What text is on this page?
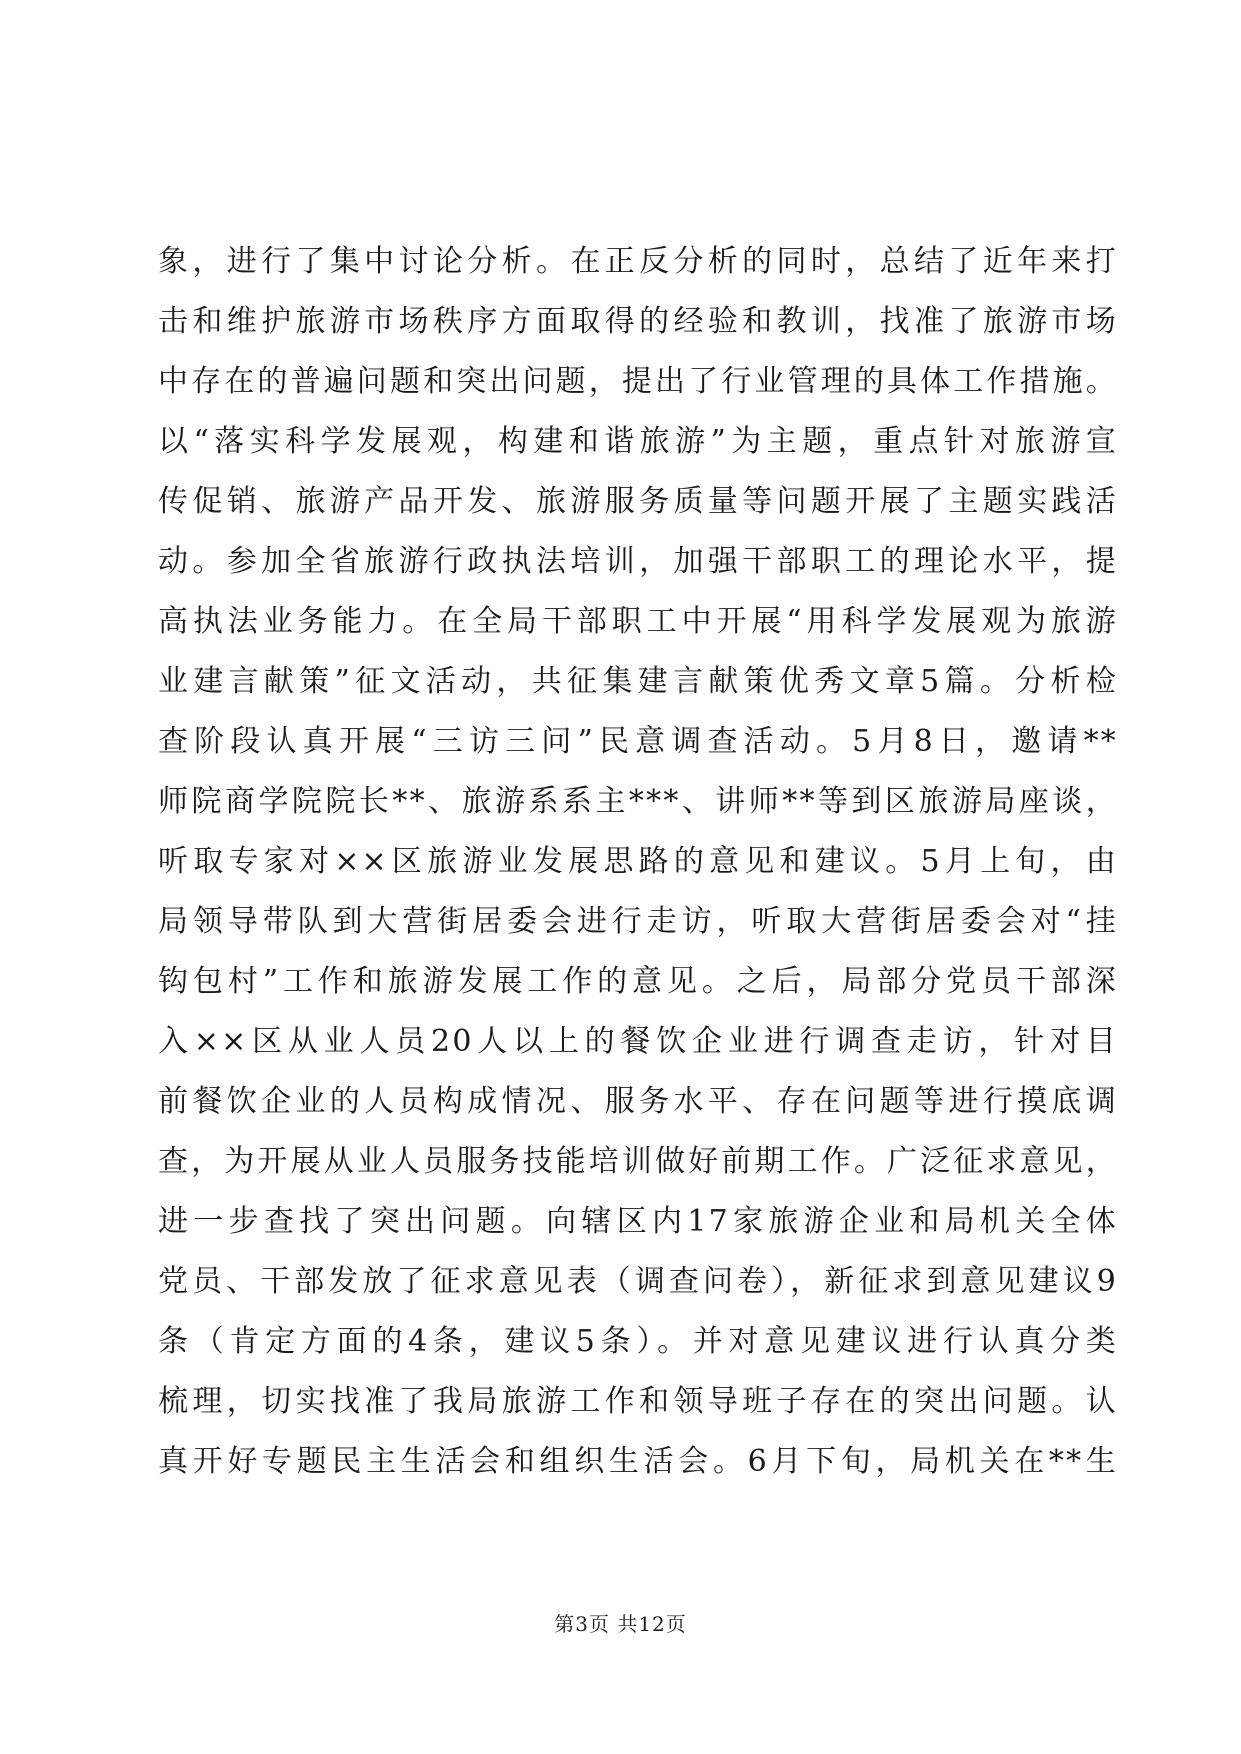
象，进行了集中讨论分析。在正反分析的同时，总结了近年来打
击和维护旅游市场秩序方面取得的经验和教训，找准了旅游市场
中存在的普遍问题和突出问题，提出了行业管理的具体工作措施。
以“落实科学发展观，构建和谐旅游”为主题，重点针对旅游宣
传促销、旅游产品开发、旅游服务质量等问题开展了主题实践活
动。参加全省旅游行政执法培训，加强干部职工的理论水平，提
高执法业务能力。在全局干部职工中开展“用科学发展观为旅游
业建言献策”征文活动，共征集建言献策优秀文章5篇。分析检
查阶段认真开展“三访三问”民意调查活动。5月8日，邀请**
师院商学院院长**、旅游系系主***、讲师**等到区旅游局座谈，
听取专家对××区旅游业发展思路的意见和建议。5月上旬，由
局领导带队到大营街居委会进行走访，听取大营街居委会对“挂
钩包村”工作和旅游发展工作的意见。之后，局部分党员干部深
入××区从业人员20人以上的餐饮企业进行调查走访，针对目
前餐饮企业的人员构成情况、服务水平、存在问题等进行摸底调
查，为开展从业人员服务技能培训做好前期工作。广泛征求意见，
进一步查找了突出问题。向辖区内17家旅游企业和局机关全体
党员、干部发放了征求意见表（调查问卷），新征求到意见建议9
条（肯定方面的4条，建议5条）。并对意见建议进行认真分类
梳理，切实找准了我局旅游工作和领导班子存在的突出问题。认
真开好专题民主生活会和组织生活会。6月下旬，局机关在**生
第3页 共12页
